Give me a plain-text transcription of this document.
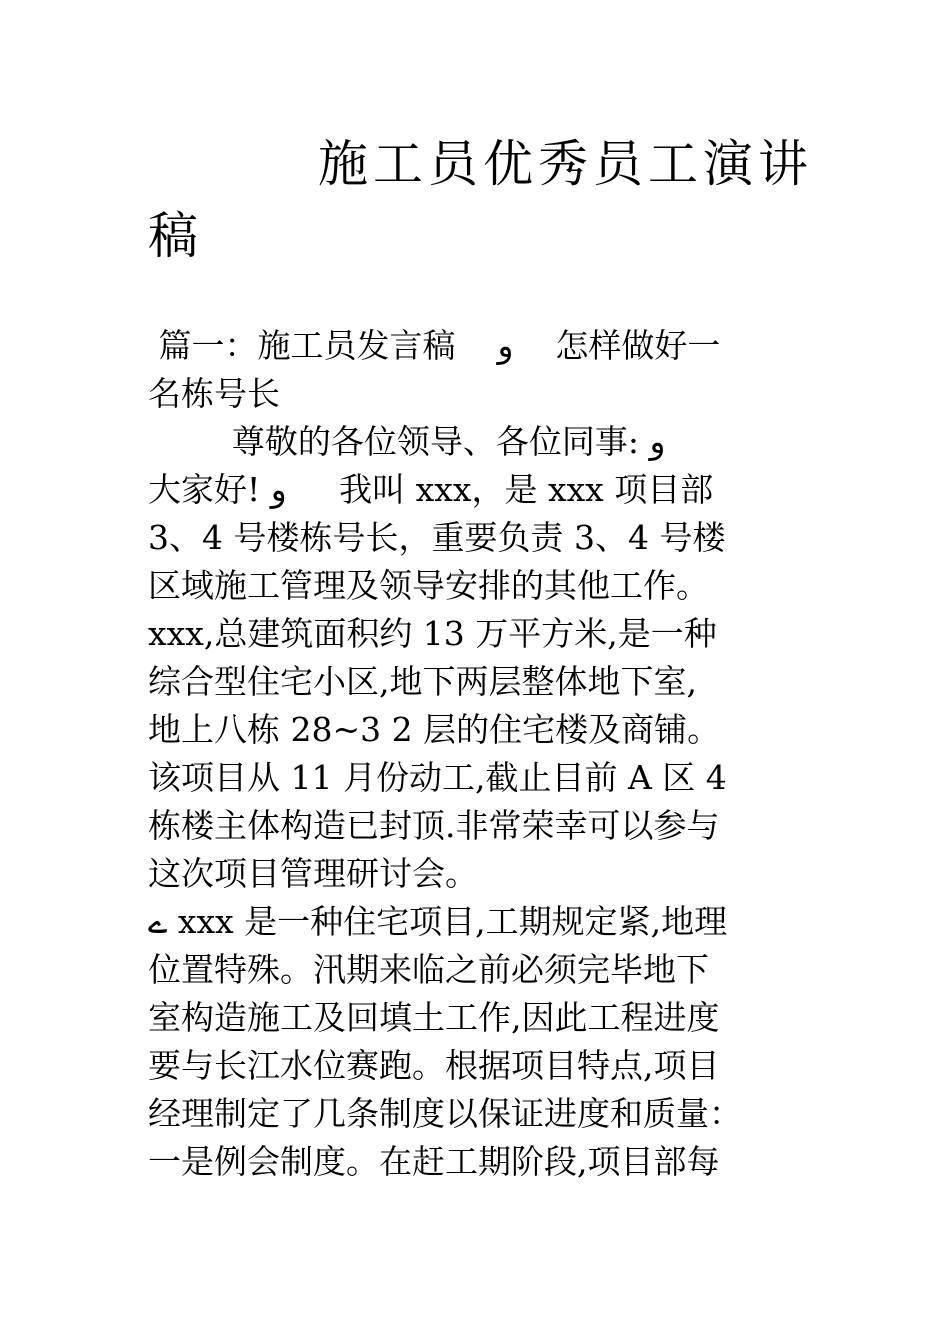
施工员优秀员工演讲稿
篇一：施工员发言稿    و    怎样做好一
名栋号长
尊敬的各位领导、各位同事: و
大家好! و     我叫 xxx，是 xxx 项目部
3、4 号楼栋号长，重要负责 3、4 号楼
区域施工管理及领导安排的其他工作。
xxx,总建筑面积约 13 万平方米,是一种
综合型住宅小区,地下两层整体地下室,
地上八栋 28~3 2 层的住宅楼及商铺。
该项目从 11 月份动工,截止目前 A 区 4
栋楼主体构造已封顶.非常荣幸可以参与
这次项目管理研讨会。
ے xxx 是一种住宅项目,工期规定紧,地理
位置特殊。汛期来临之前必须完毕地下
室构造施工及回填土工作,因此工程进度
要与长江水位赛跑。根据项目特点,项目
经理制定了几条制度以保证进度和质量：
一是例会制度。在赶工期阶段,项目部每
